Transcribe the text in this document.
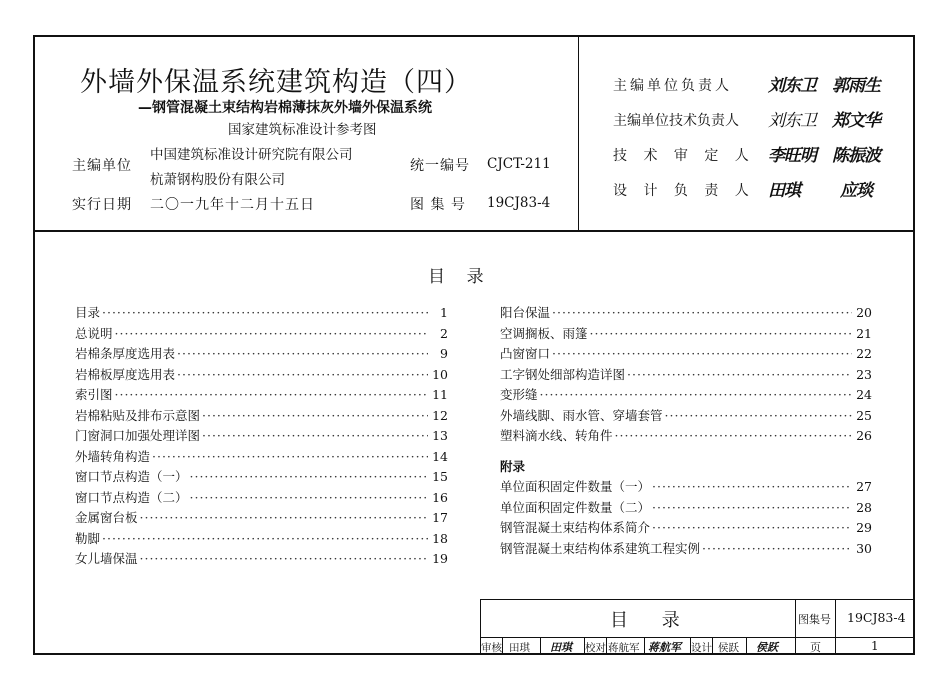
外墙外保温系统建筑构造（四）
—钢管混凝土束结构岩棉薄抹灰外墙外保温系统
国家建筑标准设计参考图
主编单位
中国建筑标准设计研究院有限公司
杭萧钢构股份有限公司
实行日期 二〇一九年十二月十五日
统一编号 CJCT-211
图 集 号 19CJ83-4
主编单位负责人 刘东卫 郭雨生
主编单位技术负责人 刘东卫 郑文华
技 术 审 定 人 李旺明 陈振波
设 计 负 责 人 田琪 应琰
目    录
目录 ·····	1
总说明 ·····	2
岩棉条厚度选用表 ·····	9
岩棉板厚度选用表 ·····	10
索引图 ·····	11
岩棉粘贴及排布示意图 ·····	12
门窗洞口加强处理详图 ·····	13
外墙转角构造 ·····	14
窗口节点构造（一） ·····	15
窗口节点构造（二） ·····	16
金属窗台板 ·····	17
勒脚 ·····	18
女儿墙保温 ·····	19
阳台保温 ·····	20
空调搁板、雨篷 ·····	21
凸窗窗口 ·····	22
工字钢处细部构造详图 ·····	23
变形缝 ·····	24
外墙线脚、雨水管、穿墙套管 ·····	25
塑料滴水线、转角件 ·····	26
附录
单位面积固定件数量（一） ·····	27
单位面积固定件数量（二） ·····	28
钢管混凝土束结构体系简介 ·····	29
钢管混凝土束结构体系建筑工程实例 ·····	30
目 录	图集号 19CJ83-4
页	1
审核 田琪 田琪 校对 蒋航军 蒋航军 设计 侯跃 侯跃
